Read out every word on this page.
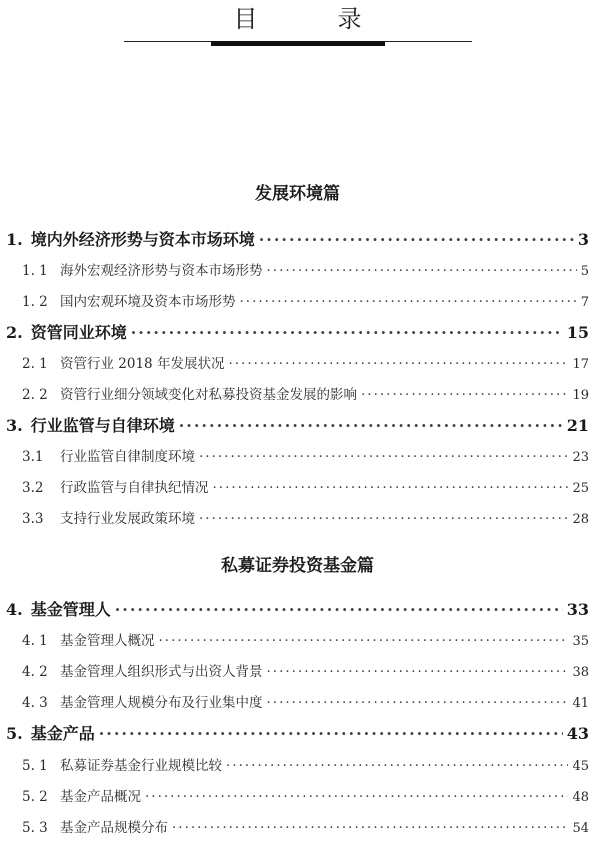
目　录
发展环境篇
1. 境内外经济形势与资本市场环境 ·····	3
1. 1 海外宏观经济形势与资本市场形势 ·····	5
1. 2 国内宏观环境及资本市场形势 ·····	7
2. 资管同业环境 ·····	15
2. 1 资管行业 2018 年发展状况 ·····	17
2. 2 资管行业细分领域变化对私募投资基金发展的影响 ·····	19
3. 行业监管与自律环境 ·····	21
3.1	行业监管自律制度环境 ·····	23
3.2	行政监管与自律执纪情况 ·····	25
3.3	支持行业发展政策环境 ·····	28
私募证券投资基金篇
4. 基金管理人 ·····	33
4. 1 基金管理人概况 ·····	35
4. 2 基金管理人组织形式与出资人背景 ·····	38
4. 3 基金管理人规模分布及行业集中度 ·····	41
5. 基金产品 ·····	43
5. 1 私募证券基金行业规模比较 ·····	45
5. 2 基金产品概况 ·····	48
5. 3 基金产品规模分布 ·····	54
